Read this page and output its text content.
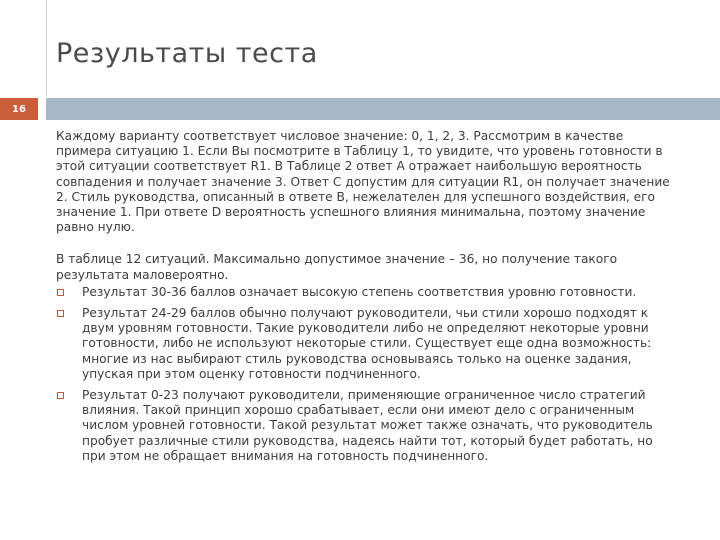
Результаты теста
16

Каждому варианту соответствует числовое значение: 0, 1, 2, 3. Рассмотрим в качестве примера ситуацию 1. Если Вы посмотрите в Таблицу 1, то увидите, что уровень готовности в этой ситуации соответствует R1. В Таблице 2 ответ А отражает наибольшую вероятность совпадения и получает значение 3. Ответ С допустим для ситуации R1, он получает значение 2. Стиль руководства, описанный в ответе В, нежелателен для успешного воздействия, его значение 1. При ответе D вероятность успешного влияния минимальна, поэтому значение равно нулю.

В таблице 12 ситуаций. Максимально допустимое значение – 36, но получение такого результата маловероятно.

Результат 30-36 баллов означает высокую степень соответствия уровню готовности.
Результат 24-29 баллов обычно получают руководители, чьи стили хорошо подходят к двум уровням готовности. Такие руководители либо не определяют некоторые уровни готовности, либо не используют некоторые стили. Существует еще одна возможность: многие из нас выбирают стиль руководства основываясь только на оценке задания, упуская при этом оценку готовности подчиненного.
Результат 0-23 получают руководители, применяющие ограниченное число стратегий влияния. Такой принцип хорошо срабатывает, если они имеют дело с ограниченным числом уровней готовности. Такой результат может также означать, что руководитель пробует различные стили руководства, надеясь найти тот, который будет работать, но при этом не обращает внимания на готовность подчиненного.
